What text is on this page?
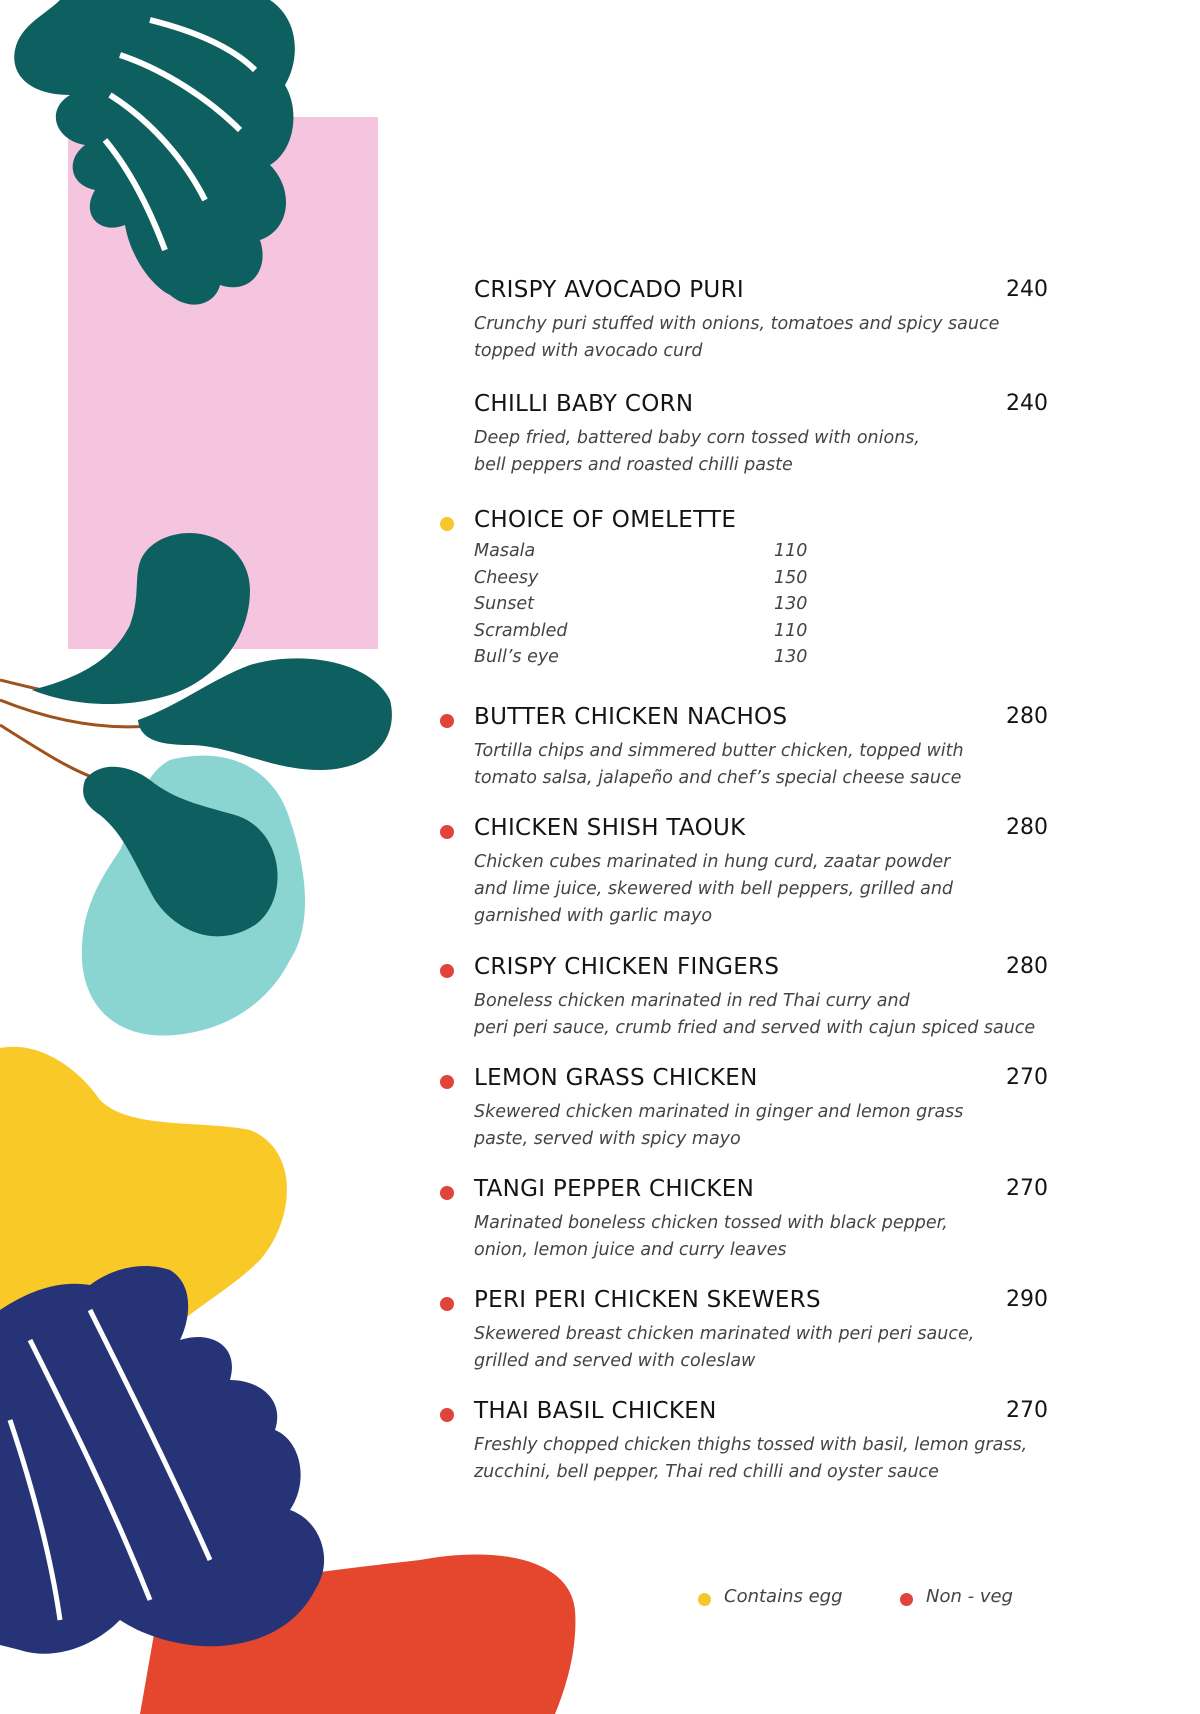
CRISPY AVOCADO PURI	240
Crunchy puri stuffed with onions, tomatoes and spicy sauce
topped with avocado curd
CHILLI BABY CORN	240
Deep fried, battered baby corn tossed with onions,
bell peppers and roasted chilli paste
CHOICE OF OMELETTE
Masala	110
Cheesy	150
Sunset	130
Scrambled	110
Bull’s eye	130
BUTTER CHICKEN NACHOS	280
Tortilla chips and simmered butter chicken, topped with
tomato salsa, jalapeño and chef’s special cheese sauce
CHICKEN SHISH TAOUK	280
Chicken cubes marinated in hung curd, zaatar powder
and lime juice, skewered with bell peppers, grilled and
garnished with garlic mayo
CRISPY CHICKEN FINGERS	280
Boneless chicken marinated in red Thai curry and
peri peri sauce, crumb fried and served with cajun spiced sauce
LEMON GRASS CHICKEN	270
Skewered chicken marinated in ginger and lemon grass
paste, served with spicy mayo
TANGI PEPPER CHICKEN	270
Marinated boneless chicken tossed with black pepper,
onion, lemon juice and curry leaves
PERI PERI CHICKEN SKEWERS	290
Skewered breast chicken marinated with peri peri sauce,
grilled and served with coleslaw
THAI BASIL CHICKEN	270
Freshly chopped chicken thighs tossed with basil, lemon grass,
zucchini, bell pepper, Thai red chilli and oyster sauce
Contains egg	Non - veg
